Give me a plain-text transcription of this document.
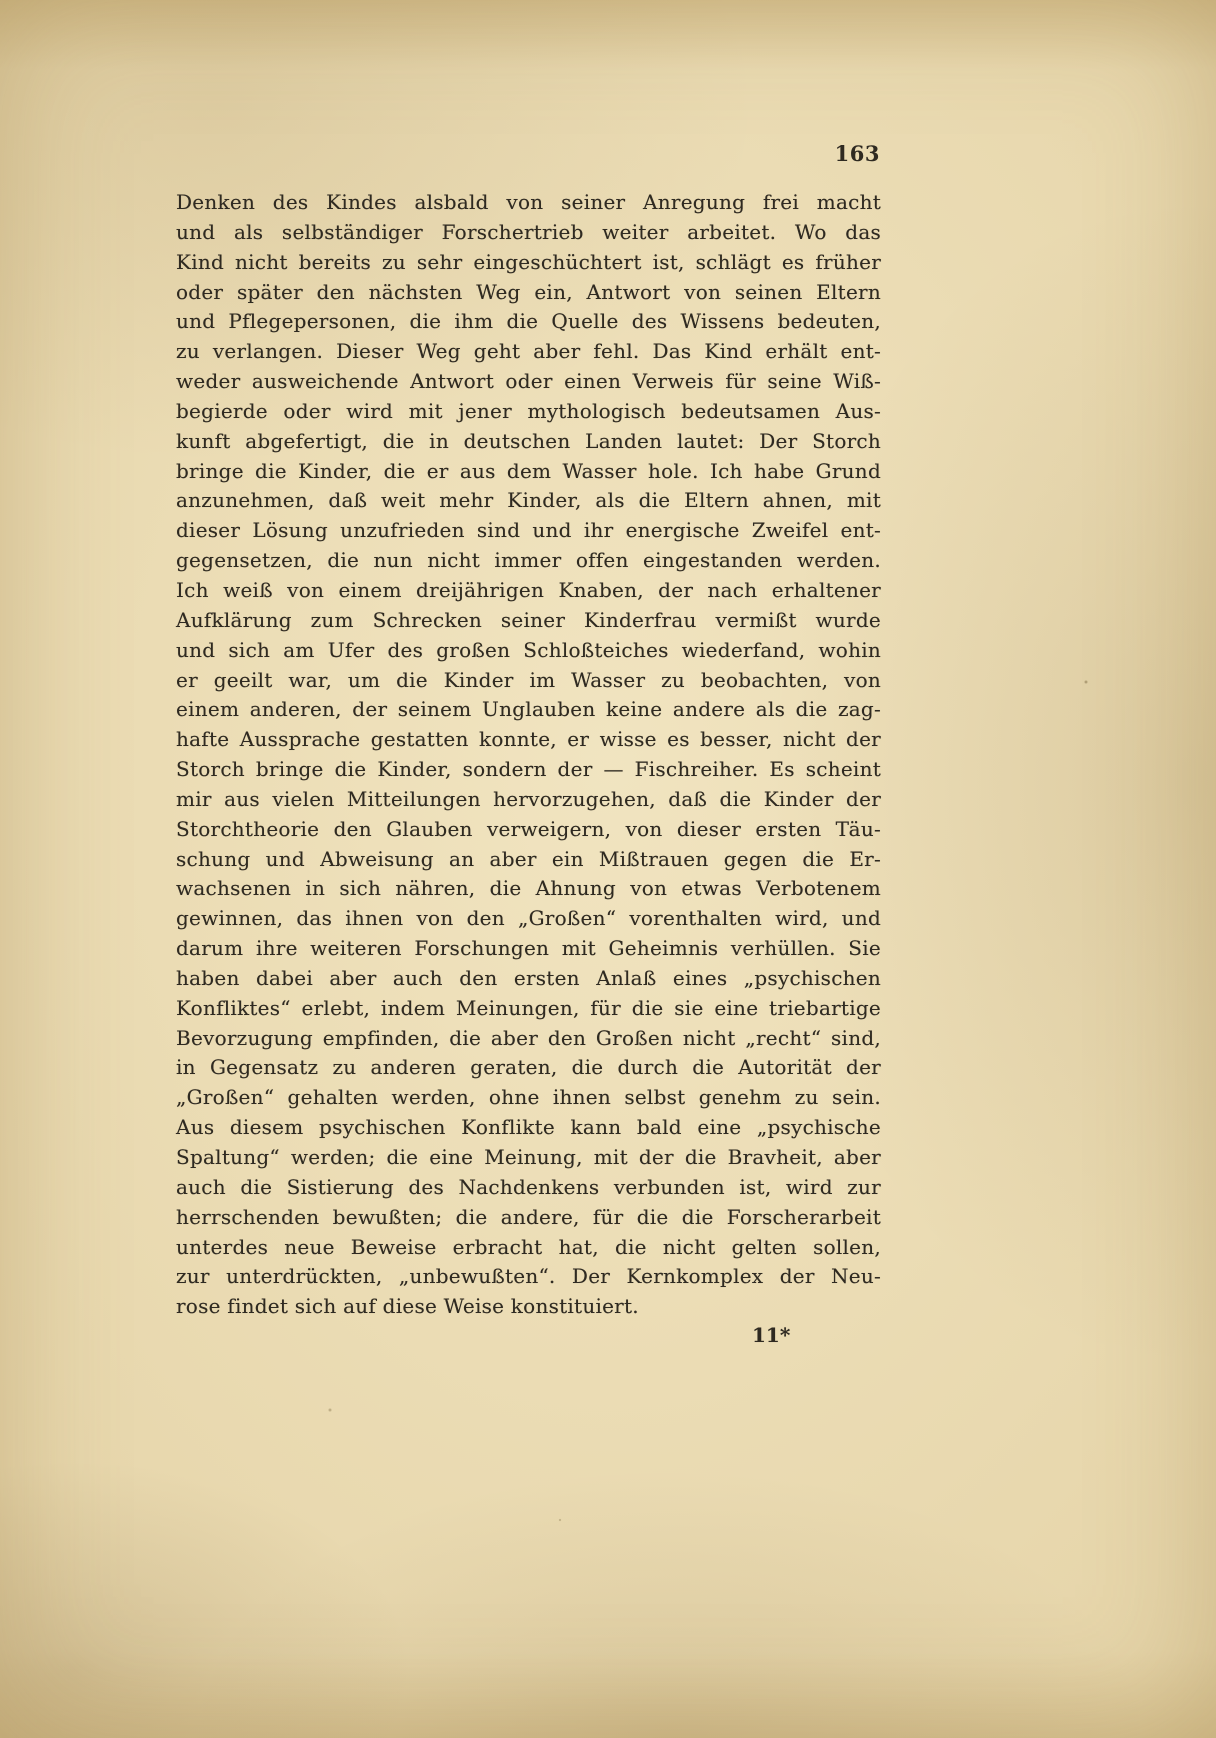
163
Denken des Kindes alsbald von seiner Anregung frei macht
und als selbständiger Forschertrieb weiter arbeitet. Wo das
Kind nicht bereits zu sehr eingeschüchtert ist, schlägt es früher
oder später den nächsten Weg ein, Antwort von seinen Eltern
und Pflegepersonen, die ihm die Quelle des Wissens bedeuten,
zu verlangen. Dieser Weg geht aber fehl. Das Kind erhält ent-
weder ausweichende Antwort oder einen Verweis für seine Wiß-
begierde oder wird mit jener mythologisch bedeutsamen Aus-
kunft abgefertigt, die in deutschen Landen lautet: Der Storch
bringe die Kinder, die er aus dem Wasser hole. Ich habe Grund
anzunehmen, daß weit mehr Kinder, als die Eltern ahnen, mit
dieser Lösung unzufrieden sind und ihr energische Zweifel ent-
gegensetzen, die nun nicht immer offen eingestanden werden.
Ich weiß von einem dreijährigen Knaben, der nach erhaltener
Aufklärung zum Schrecken seiner Kinderfrau vermißt wurde
und sich am Ufer des großen Schloßteiches wiederfand, wohin
er geeilt war, um die Kinder im Wasser zu beobachten, von
einem anderen, der seinem Unglauben keine andere als die zag-
hafte Aussprache gestatten konnte, er wisse es besser, nicht der
Storch bringe die Kinder, sondern der — Fischreiher. Es scheint
mir aus vielen Mitteilungen hervorzugehen, daß die Kinder der
Storchtheorie den Glauben verweigern, von dieser ersten Täu-
schung und Abweisung an aber ein Mißtrauen gegen die Er-
wachsenen in sich nähren, die Ahnung von etwas Verbotenem
gewinnen, das ihnen von den „Großen“ vorenthalten wird, und
darum ihre weiteren Forschungen mit Geheimnis verhüllen. Sie
haben dabei aber auch den ersten Anlaß eines „psychischen
Konfliktes“ erlebt, indem Meinungen, für die sie eine triebartige
Bevorzugung empfinden, die aber den Großen nicht „recht“ sind,
in Gegensatz zu anderen geraten, die durch die Autorität der
„Großen“ gehalten werden, ohne ihnen selbst genehm zu sein.
Aus diesem psychischen Konflikte kann bald eine „psychische
Spaltung“ werden; die eine Meinung, mit der die Bravheit, aber
auch die Sistierung des Nachdenkens verbunden ist, wird zur
herrschenden bewußten; die andere, für die die Forscherarbeit
unterdes neue Beweise erbracht hat, die nicht gelten sollen,
zur unterdrückten, „unbewußten“. Der Kernkomplex der Neu-
rose findet sich auf diese Weise konstituiert.
11*
